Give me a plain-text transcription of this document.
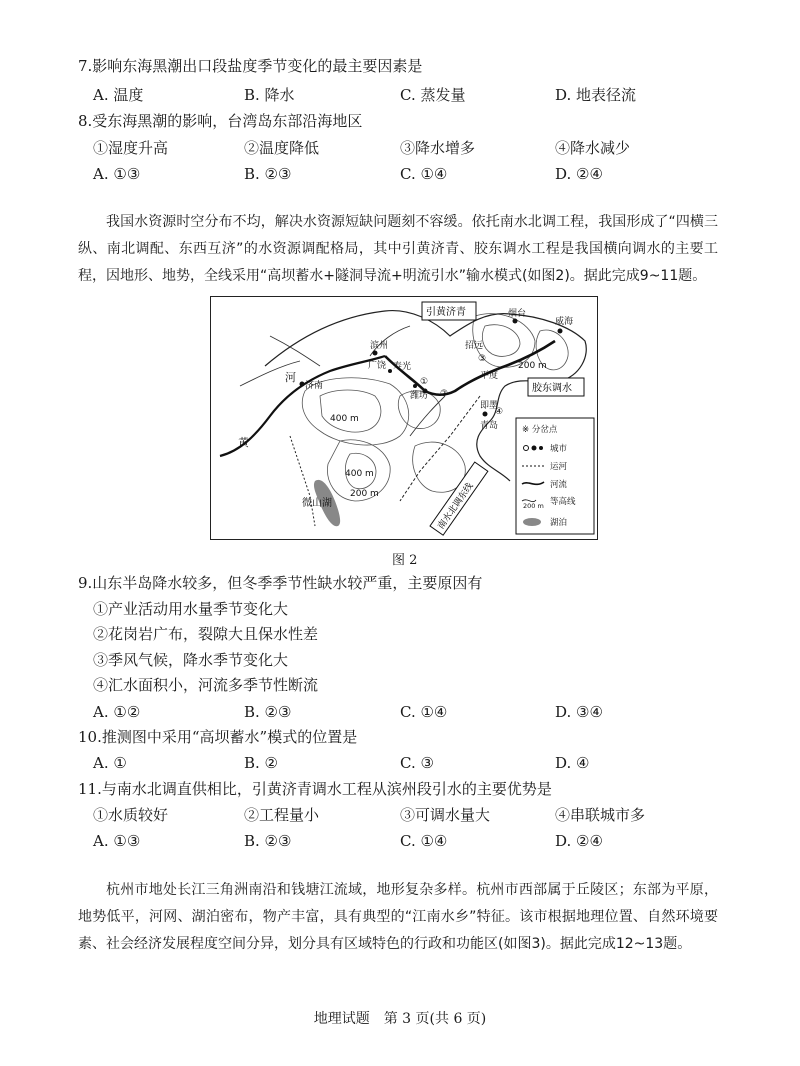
7.影响东海黑潮出口段盐度季节变化的最主要因素是
A. 温度	B. 降水	C. 蒸发量	D. 地表径流
8.受东海黑潮的影响，台湾岛东部沿海地区
①湿度升高	②温度降低	③降水增多	④降水减少
A. ①③	B. ②③	C. ①④	D. ②④

我国水资源时空分布不均，解决水资源短缺问题刻不容缓。依托南水北调工程，我国形成了“四横三纵、南北调配、东西互济”的水资源调配格局，其中引黄济青、胶东调水工程是我国横向调水的主要工程，因地形、地势，全线采用“高坝蓄水+隧洞导流+明流引水”输水模式(如图2)。据此完成9~11题。

济南
滨州
广饶 寿光
潍坊
平度
即墨
青岛
招远
烟台
威海
400 m
400 m
200 m
200 m
黄
河
微山湖
①
②
③
④
引黄济青
胶东调水
南水北调东线
※ 分岔点
城市
运河
河流
200 m 等高线
湖泊
图 2
9.山东半岛降水较多，但冬季季节性缺水较严重，主要原因有
①产业活动用水量季节变化大
②花岗岩广布，裂隙大且保水性差
③季风气候，降水季节变化大
④汇水面积小，河流多季节性断流
A. ①②	B. ②③	C. ①④	D. ③④
10.推测图中采用“高坝蓄水”模式的位置是
A. ①	B. ②	C. ③	D. ④
11.与南水北调直供相比，引黄济青调水工程从滨州段引水的主要优势是
①水质较好	②工程量小	③可调水量大	④串联城市多
A. ①③	B. ②③	C. ①④	D. ②④

杭州市地处长江三角洲南沿和钱塘江流域，地形复杂多样。杭州市西部属于丘陵区；东部为平原，地势低平，河网、湖泊密布，物产丰富，具有典型的“江南水乡”特征。该市根据地理位置、自然环境要素、社会经济发展程度空间分异，划分具有区域特色的行政和功能区(如图3)。据此完成12~13题。

地理试题　第 3 页(共 6 页)
